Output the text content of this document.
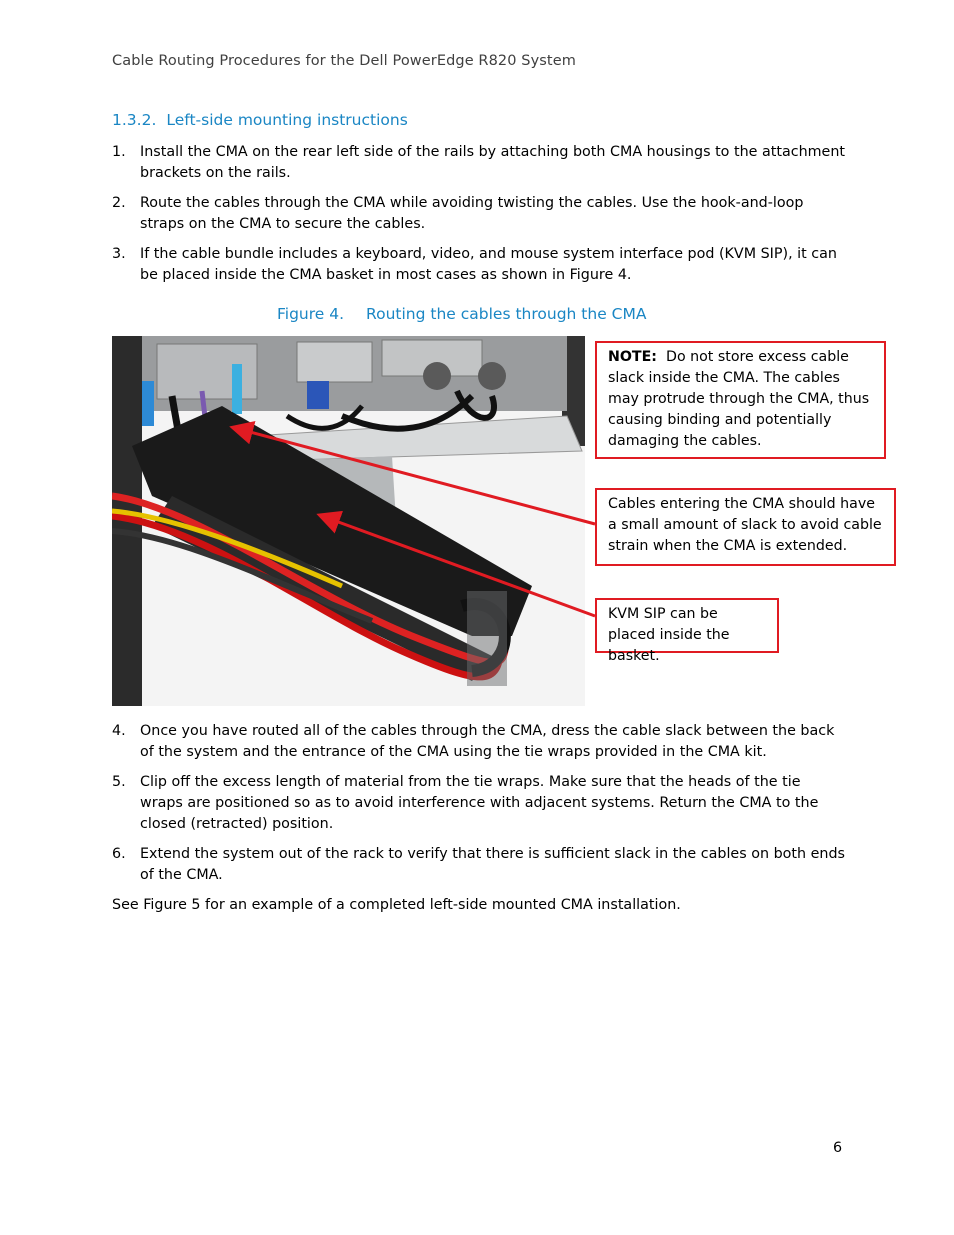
Cable Routing Procedures for the Dell PowerEdge R820 System
1.3.2. Left-side mounting instructions
1.	Install the CMA on the rear left side of the rails by attaching both CMA housings to the attachment brackets on the rails.
2.	Route the cables through the CMA while avoiding twisting the cables. Use the hook-and-loop straps on the CMA to secure the cables.
3.	If the cable bundle includes a keyboard, video, and mouse system interface pod (KVM SIP), it can be placed inside the CMA basket in most cases as shown in Figure 4.
Figure 4. Routing the cables through the CMA
NOTE: Do not store excess cable slack inside the CMA. The cables may protrude through the CMA, thus causing binding and potentially damaging the cables.
Cables entering the CMA should have a small amount of slack to avoid cable strain when the CMA is extended.
KVM SIP can be placed inside the basket.
4.	Once you have routed all of the cables through the CMA, dress the cable slack between the back of the system and the entrance of the CMA using the tie wraps provided in the CMA kit.
5.	Clip off the excess length of material from the tie wraps. Make sure that the heads of the tie wraps are positioned so as to avoid interference with adjacent systems. Return the CMA to the closed (retracted) position.
6.	Extend the system out of the rack to verify that there is sufficient slack in the cables on both ends of the CMA.
See Figure 5 for an example of a completed left-side mounted CMA installation.
6
